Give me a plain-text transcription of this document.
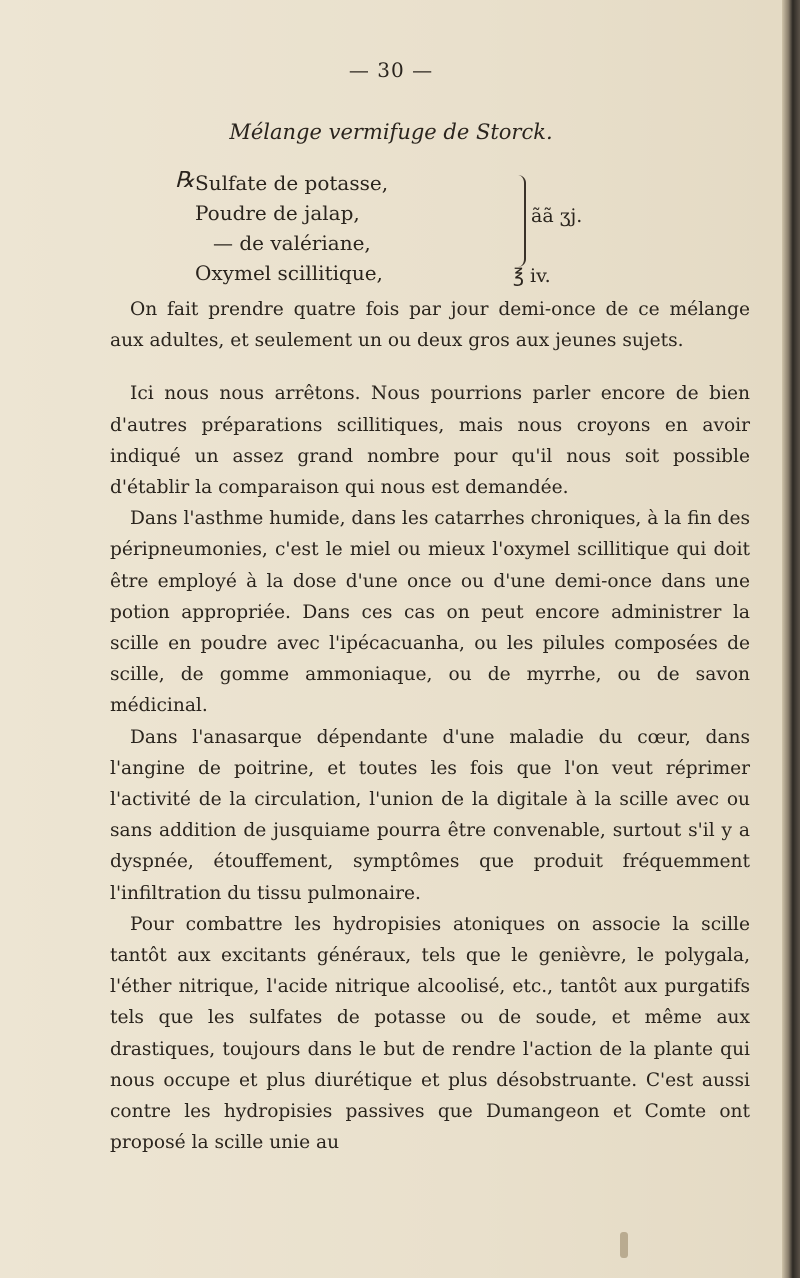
— 30 —
Mélange vermifuge de Storck.
℞ Sulfate de potasse,
Poudre de jalap,
— de valériane,
Oxymel scillitique,
ãã ʒj.
℥ iv.

On fait prendre quatre fois par jour demi-once de ce mélange aux adultes, et seulement un ou deux gros aux jeunes sujets.

Ici nous nous arrêtons. Nous pourrions parler encore de bien d'autres préparations scillitiques, mais nous croyons en avoir indiqué un assez grand nombre pour qu'il nous soit possible d'établir la comparaison qui nous est demandée.

Dans l'asthme humide, dans les catarrhes chroniques, à la fin des péripneumonies, c'est le miel ou mieux l'oxymel scillitique qui doit être employé à la dose d'une once ou d'une demi-once dans une potion appropriée. Dans ces cas on peut encore administrer la scille en poudre avec l'ipécacuanha, ou les pilules composées de scille, de gomme ammoniaque, ou de myrrhe, ou de savon médicinal.

Dans l'anasarque dépendante d'une maladie du cœur, dans l'angine de poitrine, et toutes les fois que l'on veut réprimer l'activité de la circulation, l'union de la digitale à la scille avec ou sans addition de jusquiame pourra être convenable, surtout s'il y a dyspnée, étouffement, symptômes que produit fréquemment l'infiltration du tissu pulmonaire.

Pour combattre les hydropisies atoniques on associe la scille tantôt aux excitants généraux, tels que le genièvre, le polygala, l'éther nitrique, l'acide nitrique alcoolisé, etc., tantôt aux purgatifs tels que les sulfates de potasse ou de soude, et même aux drastiques, toujours dans le but de rendre l'action de la plante qui nous occupe et plus diurétique et plus désobstruante. C'est aussi contre les hydropisies passives que Dumangeon et Comte ont proposé la scille unie au
